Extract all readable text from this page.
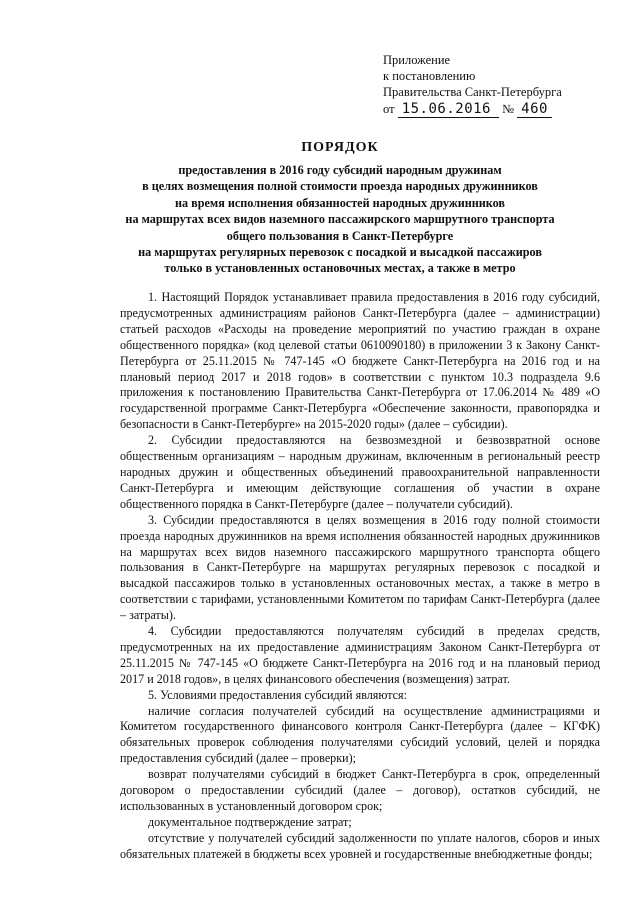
Приложение
к постановлению
Правительства Санкт-Петербурга
от 15.06.2016 № 460
ПОРЯДОК
предоставления в 2016 году субсидий народным дружинам
в целях возмещения полной стоимости проезда народных дружинников
на время исполнения обязанностей народных дружинников
на маршрутах всех видов наземного пассажирского маршрутного транспорта
общего пользования в Санкт-Петербурге
на маршрутах регулярных перевозок с посадкой и высадкой пассажиров
только в установленных остановочных местах, а также в метро

1. Настоящий Порядок устанавливает правила предоставления в 2016 году субсидий, предусмотренных администрациям районов Санкт-Петербурга (далее – администрации) статьей расходов «Расходы на проведение мероприятий по участию граждан в охране общественного порядка» (код целевой статьи 0610090180) в приложении 3 к Закону Санкт-Петербурга от 25.11.2015 № 747-145 «О бюджете Санкт-Петербурга на 2016 год и на плановый период 2017 и 2018 годов» в соответствии с пунктом 10.3 подраздела 9.6 приложения к постановлению Правительства Санкт-Петербурга от 17.06.2014 № 489 «О государственной программе Санкт-Петербурга «Обеспечение законности, правопорядка и безопасности в Санкт-Петербурге» на 2015-2020 годы» (далее – субсидии).

2. Субсидии предоставляются на безвозмездной и безвозвратной основе общественным организациям – народным дружинам, включенным в региональный реестр народных дружин и общественных объединений правоохранительной направленности Санкт-Петербурга и имеющим действующие соглашения об участии в охране общественного порядка в Санкт-Петербурге (далее – получатели субсидий).

3. Субсидии предоставляются в целях возмещения в 2016 году полной стоимости проезда народных дружинников на время исполнения обязанностей народных дружинников на маршрутах всех видов наземного пассажирского маршрутного транспорта общего пользования в Санкт-Петербурге на маршрутах регулярных перевозок с посадкой и высадкой пассажиров только в установленных остановочных местах, а также в метро в соответствии с тарифами, установленными Комитетом по тарифам Санкт-Петербурга (далее – затраты).

4. Субсидии предоставляются получателям субсидий в пределах средств, предусмотренных на их предоставление администрациям Законом Санкт-Петербурга от 25.11.2015 № 747-145 «О бюджете Санкт-Петербурга на 2016 год и на плановый период 2017 и 2018 годов», в целях финансового обеспечения (возмещения) затрат.

5. Условиями предоставления субсидий являются:

наличие согласия получателей субсидий на осуществление администрациями и Комитетом государственного финансового контроля Санкт-Петербурга (далее – КГФК) обязательных проверок соблюдения получателями субсидий условий, целей и порядка предоставления субсидий (далее – проверки);

возврат получателями субсидий в бюджет Санкт-Петербурга в срок, определенный договором о предоставлении субсидий (далее – договор), остатков субсидий, не использованных в установленный договором срок;

документальное подтверждение затрат;

отсутствие у получателей субсидий задолженности по уплате налогов, сборов и иных обязательных платежей в бюджеты всех уровней и государственные внебюджетные фонды;
